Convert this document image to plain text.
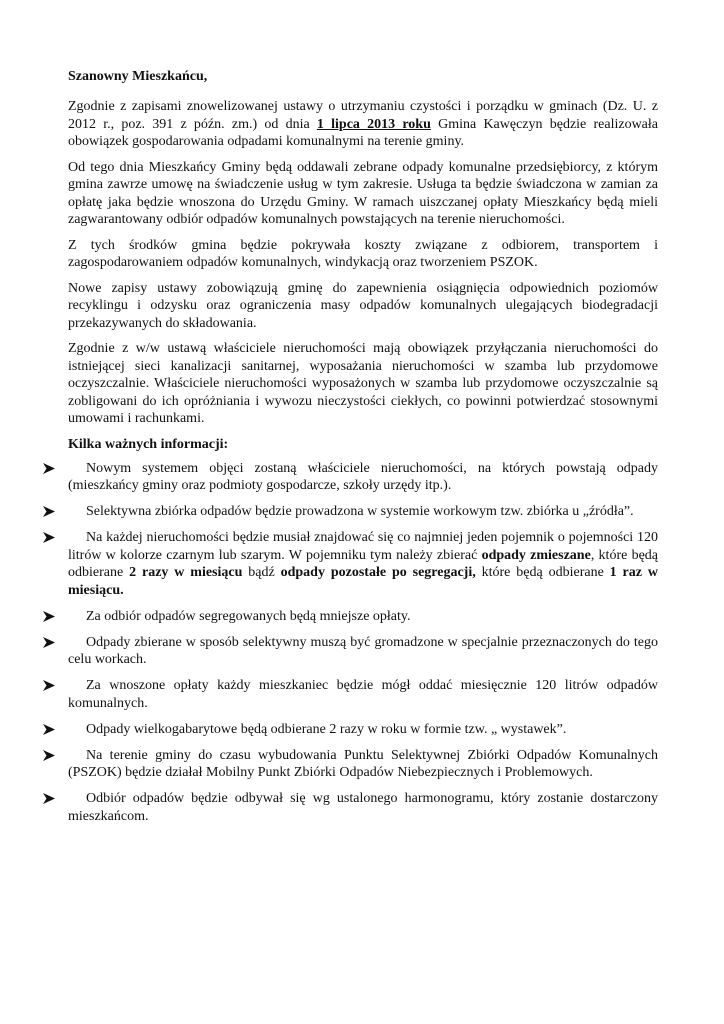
Szanowny Mieszkańcu,

Zgodnie z zapisami znowelizowanej ustawy o utrzymaniu czystości i porządku w gminach (Dz. U. z 2012 r., poz. 391 z późn. zm.) od dnia 1 lipca 2013 roku Gmina Kawęczyn będzie realizowała obowiązek gospodarowania odpadami komunalnymi na terenie gminy.

Od tego dnia Mieszkańcy Gminy będą oddawali zebrane odpady komunalne przedsiębiorcy, z którym gmina zawrze umowę na świadczenie usług w tym zakresie. Usługa ta będzie świadczona w zamian za opłatę jaka będzie wnoszona do Urzędu Gminy. W ramach uiszczanej opłaty Mieszkańcy będą mieli zagwarantowany odbiór odpadów komunalnych powstających na terenie nieruchomości.

Z tych środków gmina będzie pokrywała koszty związane z odbiorem, transportem i zagospodarowaniem odpadów komunalnych, windykacją oraz tworzeniem PSZOK.

Nowe zapisy ustawy zobowiązują gminę do zapewnienia osiągnięcia odpowiednich poziomów recyklingu i odzysku oraz ograniczenia masy odpadów komunalnych ulegających biodegradacji przekazywanych do składowania.

Zgodnie z w/w ustawą właściciele nieruchomości mają obowiązek przyłączania nieruchomości do istniejącej sieci kanalizacji sanitarnej, wyposażania nieruchomości w szamba lub przydomowe oczyszczalnie. Właściciele nieruchomości wyposażonych w szamba lub przydomowe oczyszczalnie są zobligowani do ich opróżniania i wywozu nieczystości ciekłych, co powinni potwierdzać stosownymi umowami i rachunkami.

Kilka ważnych informacji:
Nowym systemem objęci zostaną właściciele nieruchomości, na których powstają odpady (mieszkańcy gminy oraz podmioty gospodarcze, szkoły urzędy itp.).
Selektywna zbiórka odpadów będzie prowadzona w systemie workowym tzw. zbiórka u „źródła”.
Na każdej nieruchomości będzie musiał znajdować się co najmniej jeden pojemnik o pojemności 120 litrów w kolorze czarnym lub szarym. W pojemniku tym należy zbierać odpady zmieszane, które będą odbierane 2 razy w miesiącu bądź odpady pozostałe po segregacji, które będą odbierane 1 raz w miesiącu.
Za odbiór odpadów segregowanych będą mniejsze opłaty.
Odpady zbierane w sposób selektywny muszą być gromadzone w specjalnie przeznaczonych do tego celu workach.
Za wnoszone opłaty każdy mieszkaniec będzie mógł oddać miesięcznie 120 litrów odpadów komunalnych.
Odpady wielkogabarytowe będą odbierane 2 razy w roku w formie tzw. „ wystawek”.
Na terenie gminy do czasu wybudowania Punktu Selektywnej Zbiórki Odpadów Komunalnych (PSZOK) będzie działał Mobilny Punkt Zbiórki Odpadów Niebezpiecznych i Problemowych.
Odbiór odpadów będzie odbywał się wg ustalonego harmonogramu, który zostanie dostarczony mieszkańcom.
